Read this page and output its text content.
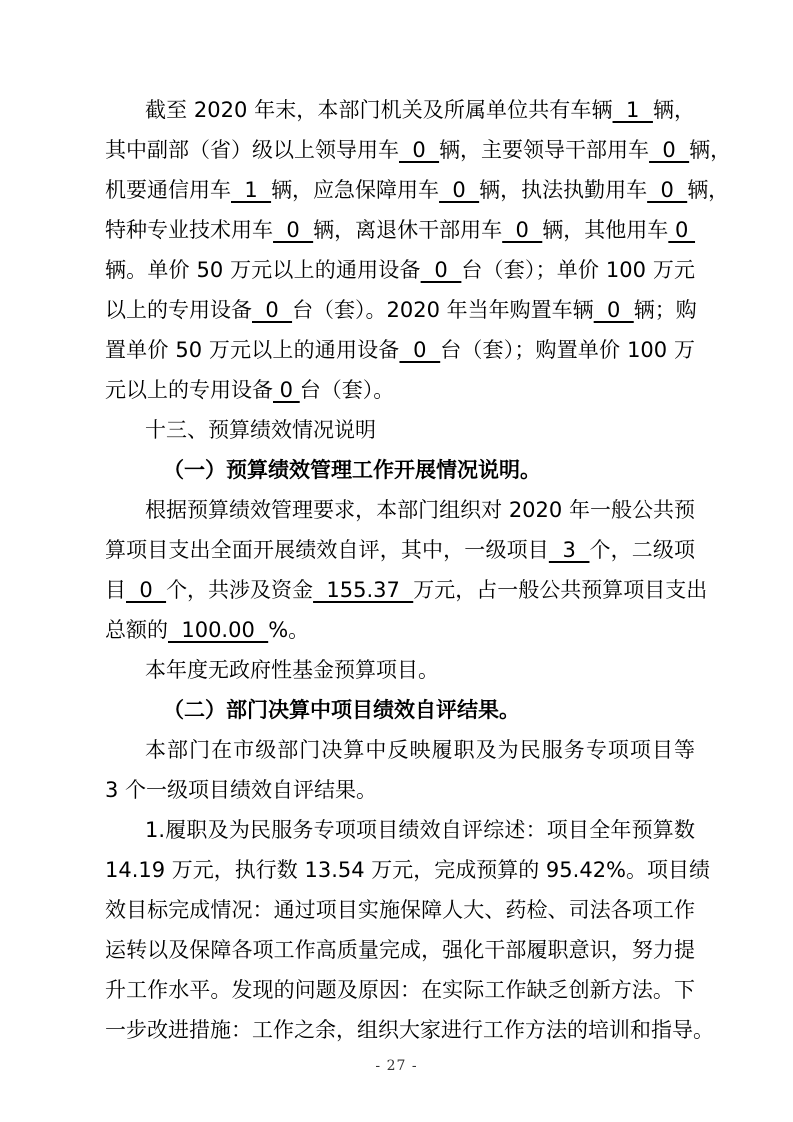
截至 2020 年末，本部门机关及所属单位共有车辆  1  辆，
其中副部（省）级以上领导用车  0  辆，主要领导干部用车  0  辆，
机要通信用车  1  辆，应急保障用车  0  辆，执法执勤用车  0  辆，
特种专业技术用车  0  辆，离退休干部用车  0  辆，其他用车 0
辆。单价 50 万元以上的通用设备  0  台（套）；单价 100 万元
以上的专用设备  0  台（套）。2020 年当年购置车辆  0  辆；购
置单价 50 万元以上的通用设备  0  台（套）；购置单价 100 万
元以上的专用设备 0 台（套）。
十三、预算绩效情况说明
（一）预算绩效管理工作开展情况说明。
根据预算绩效管理要求，本部门组织对 2020 年一般公共预
算项目支出全面开展绩效自评，其中，一级项目  3  个，二级项
目  0  个，共涉及资金  155.37  万元，占一般公共预算项目支出
总额的  100.00  %。
本年度无政府性基金预算项目。
（二）部门决算中项目绩效自评结果。
本部门在市级部门决算中反映履职及为民服务专项项目等
3 个一级项目绩效自评结果。
1.履职及为民服务专项项目绩效自评综述：项目全年预算数
14.19 万元，执行数 13.54 万元，完成预算的 95.42%。项目绩
效目标完成情况：通过项目实施保障人大、药检、司法各项工作
运转以及保障各项工作高质量完成，强化干部履职意识，努力提
升工作水平。发现的问题及原因：在实际工作缺乏创新方法。下
一步改进措施：工作之余，组织大家进行工作方法的培训和指导。
- 27 -
